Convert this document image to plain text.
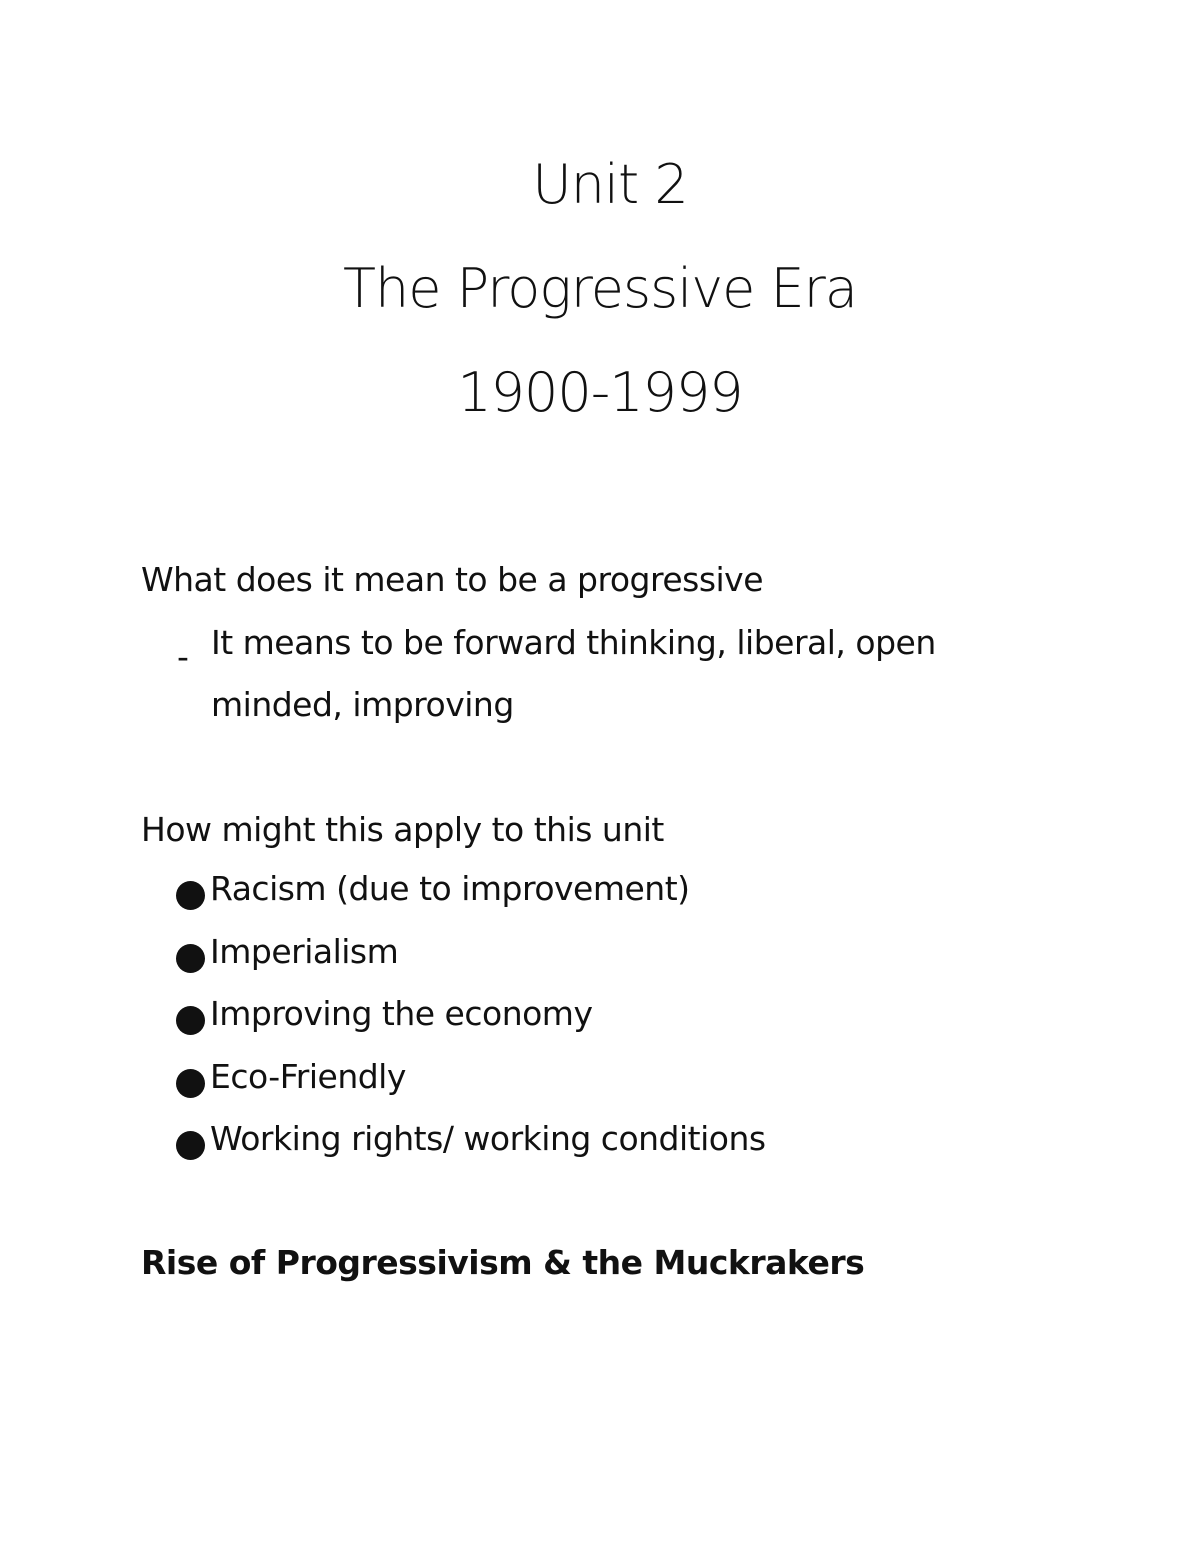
Unit 2
The Progressive Era
1900-1999
What does it mean to be a progressive
- It means to be forward thinking, liberal, open minded, improving
How might this apply to this unit
Racism (due to improvement)
Imperialism
Improving the economy
Eco-Friendly
Working rights/ working conditions
Rise of Progressivism & the Muckrakers
